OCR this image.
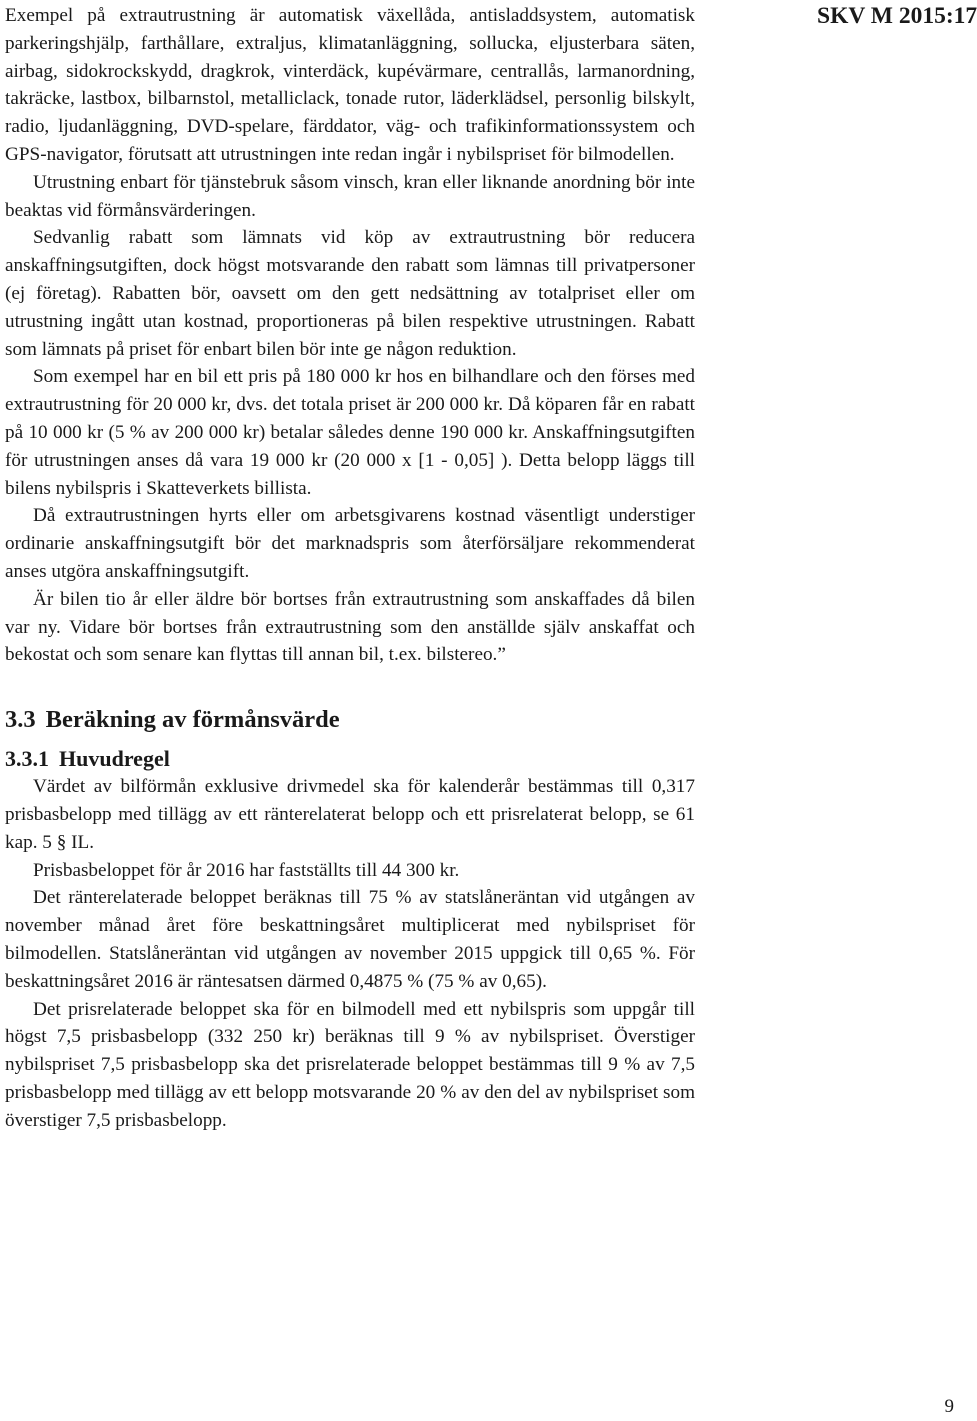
SKV M 2015:17

Exempel på extrautrustning är automatisk växellåda, antisladdsystem, automatisk parkeringshjälp, farthållare, extraljus, klimatanläggning, sollucka, eljusterbara säten, airbag, sidokrockskydd, dragkrok, vinterdäck, kupévärmare, centrallås, larmanordning, takräcke, lastbox, bilbarnstol, metalliclack, tonade rutor, läderklädsel, personlig bilskylt, radio, ljudanläggning, DVD-spelare, färddator, väg- och trafikinformationssystem och GPS-navigator, förutsatt att utrustningen inte redan ingår i nybilspriset för bilmodellen.

Utrustning enbart för tjänstebruk såsom vinsch, kran eller liknande anordning bör inte beaktas vid förmånsvärderingen.

Sedvanlig rabatt som lämnats vid köp av extrautrustning bör reducera anskaffningsutgiften, dock högst motsvarande den rabatt som lämnas till privatpersoner (ej företag). Rabatten bör, oavsett om den gett nedsättning av totalpriset eller om utrustning ingått utan kostnad, proportioneras på bilen respektive utrustningen. Rabatt som lämnats på priset för enbart bilen bör inte ge någon reduktion.

Som exempel har en bil ett pris på 180 000 kr hos en bilhandlare och den förses med extrautrustning för 20 000 kr, dvs. det totala priset är 200 000 kr. Då köparen får en rabatt på 10 000 kr (5 % av 200 000 kr) betalar således denne 190 000 kr. Anskaffningsutgiften för utrustningen anses då vara 19 000 kr (20 000 x [1 - 0,05] ). Detta belopp läggs till bilens nybilspris i Skatteverkets billista.

Då extrautrustningen hyrts eller om arbetsgivarens kostnad väsentligt understiger ordinarie anskaffningsutgift bör det marknadspris som återförsäljare rekommenderat anses utgöra anskaffningsutgift.

Är bilen tio år eller äldre bör bortses från extrautrustning som anskaffades då bilen var ny. Vidare bör bortses från extrautrustning som den anställde själv anskaffat och bekostat och som senare kan flyttas till annan bil, t.ex. bilstereo.”

3.3 Beräkning av förmånsvärde
3.3.1 Huvudregel

Värdet av bilförmån exklusive drivmedel ska för kalenderår bestämmas till 0,317 prisbasbelopp med tillägg av ett ränterelaterat belopp och ett prisrelaterat belopp, se 61 kap. 5 § IL.

Prisbasbeloppet för år 2016 har fastställts till 44 300 kr.

Det ränterelaterade beloppet beräknas till 75 % av statslåneräntan vid utgången av november månad året före beskattningsåret multiplicerat med nybilspriset för bilmodellen. Statslåneräntan vid utgången av november 2015 uppgick till 0,65 %. För beskattningsåret 2016 är räntesatsen därmed 0,4875 % (75 % av 0,65).

Det prisrelaterade beloppet ska för en bilmodell med ett nybilspris som uppgår till högst 7,5 prisbasbelopp (332 250 kr) beräknas till 9 % av nybilspriset. Överstiger nybilspriset 7,5 prisbasbelopp ska det prisrelaterade beloppet bestämmas till 9 % av 7,5 prisbasbelopp med tillägg av ett belopp motsvarande 20 % av den del av nybilspriset som överstiger 7,5 prisbasbelopp.

9
